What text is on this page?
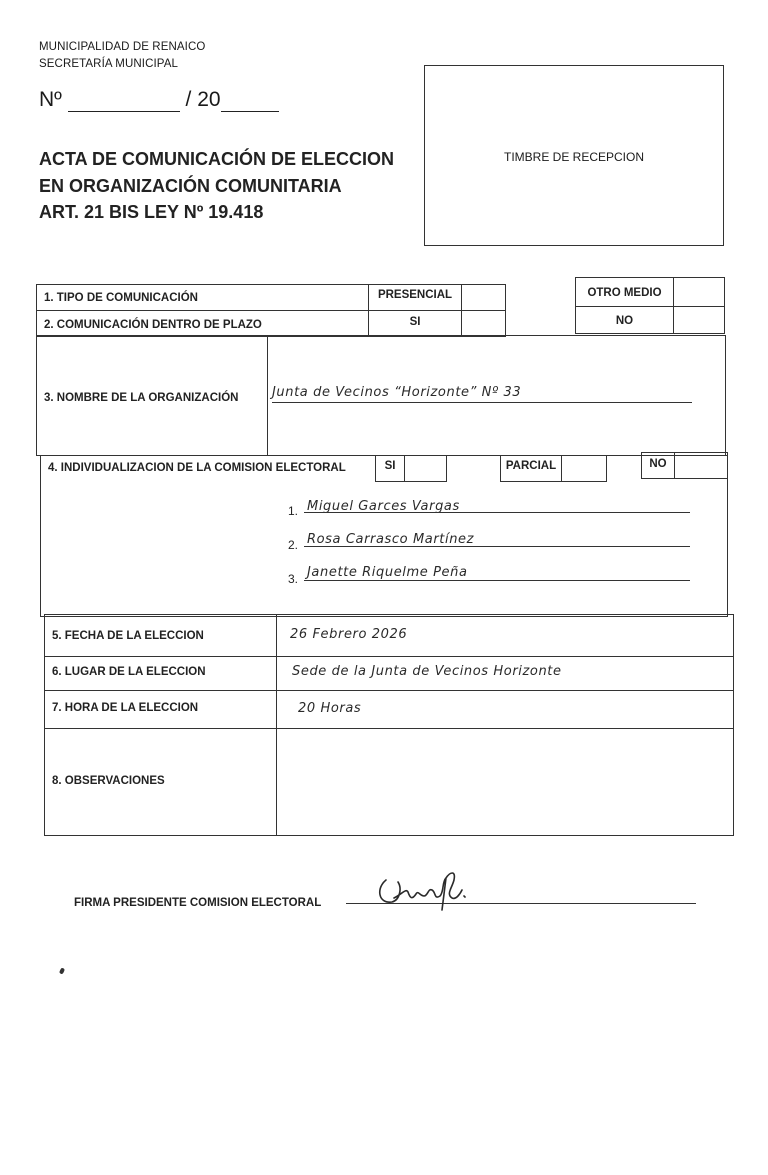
MUNICIPALIDAD DE RENAICO
SECRETARÍA MUNICIPAL
Nº	/ 20
ACTA DE COMUNICACIÓN DE ELECCION
EN ORGANIZACIÓN COMUNITARIA
ART. 21 BIS LEY Nº 19.418
TIMBRE DE RECEPCION
1. TIPO DE COMUNICACIÓN	PRESENCIAL
2. COMUNICACIÓN DENTRO DE PLAZO	SI
OTRO MEDIO
NO
3. NOMBRE DE LA ORGANIZACIÓN	Junta de Vecinos “Horizonte” Nº 33
4. INDIVIDUALIZACION DE LA COMISION ELECTORAL	SI	PARCIAL	NO
1. Miguel Garces Vargas
2. Rosa Carrasco Martínez
3. Janette Riquelme Peña
5. FECHA DE LA ELECCION	26 Febrero 2026
6. LUGAR DE LA ELECCION	Sede de la Junta de Vecinos Horizonte
7. HORA DE LA ELECCION	20 Horas
8. OBSERVACIONES
FIRMA PRESIDENTE COMISION ELECTORAL
